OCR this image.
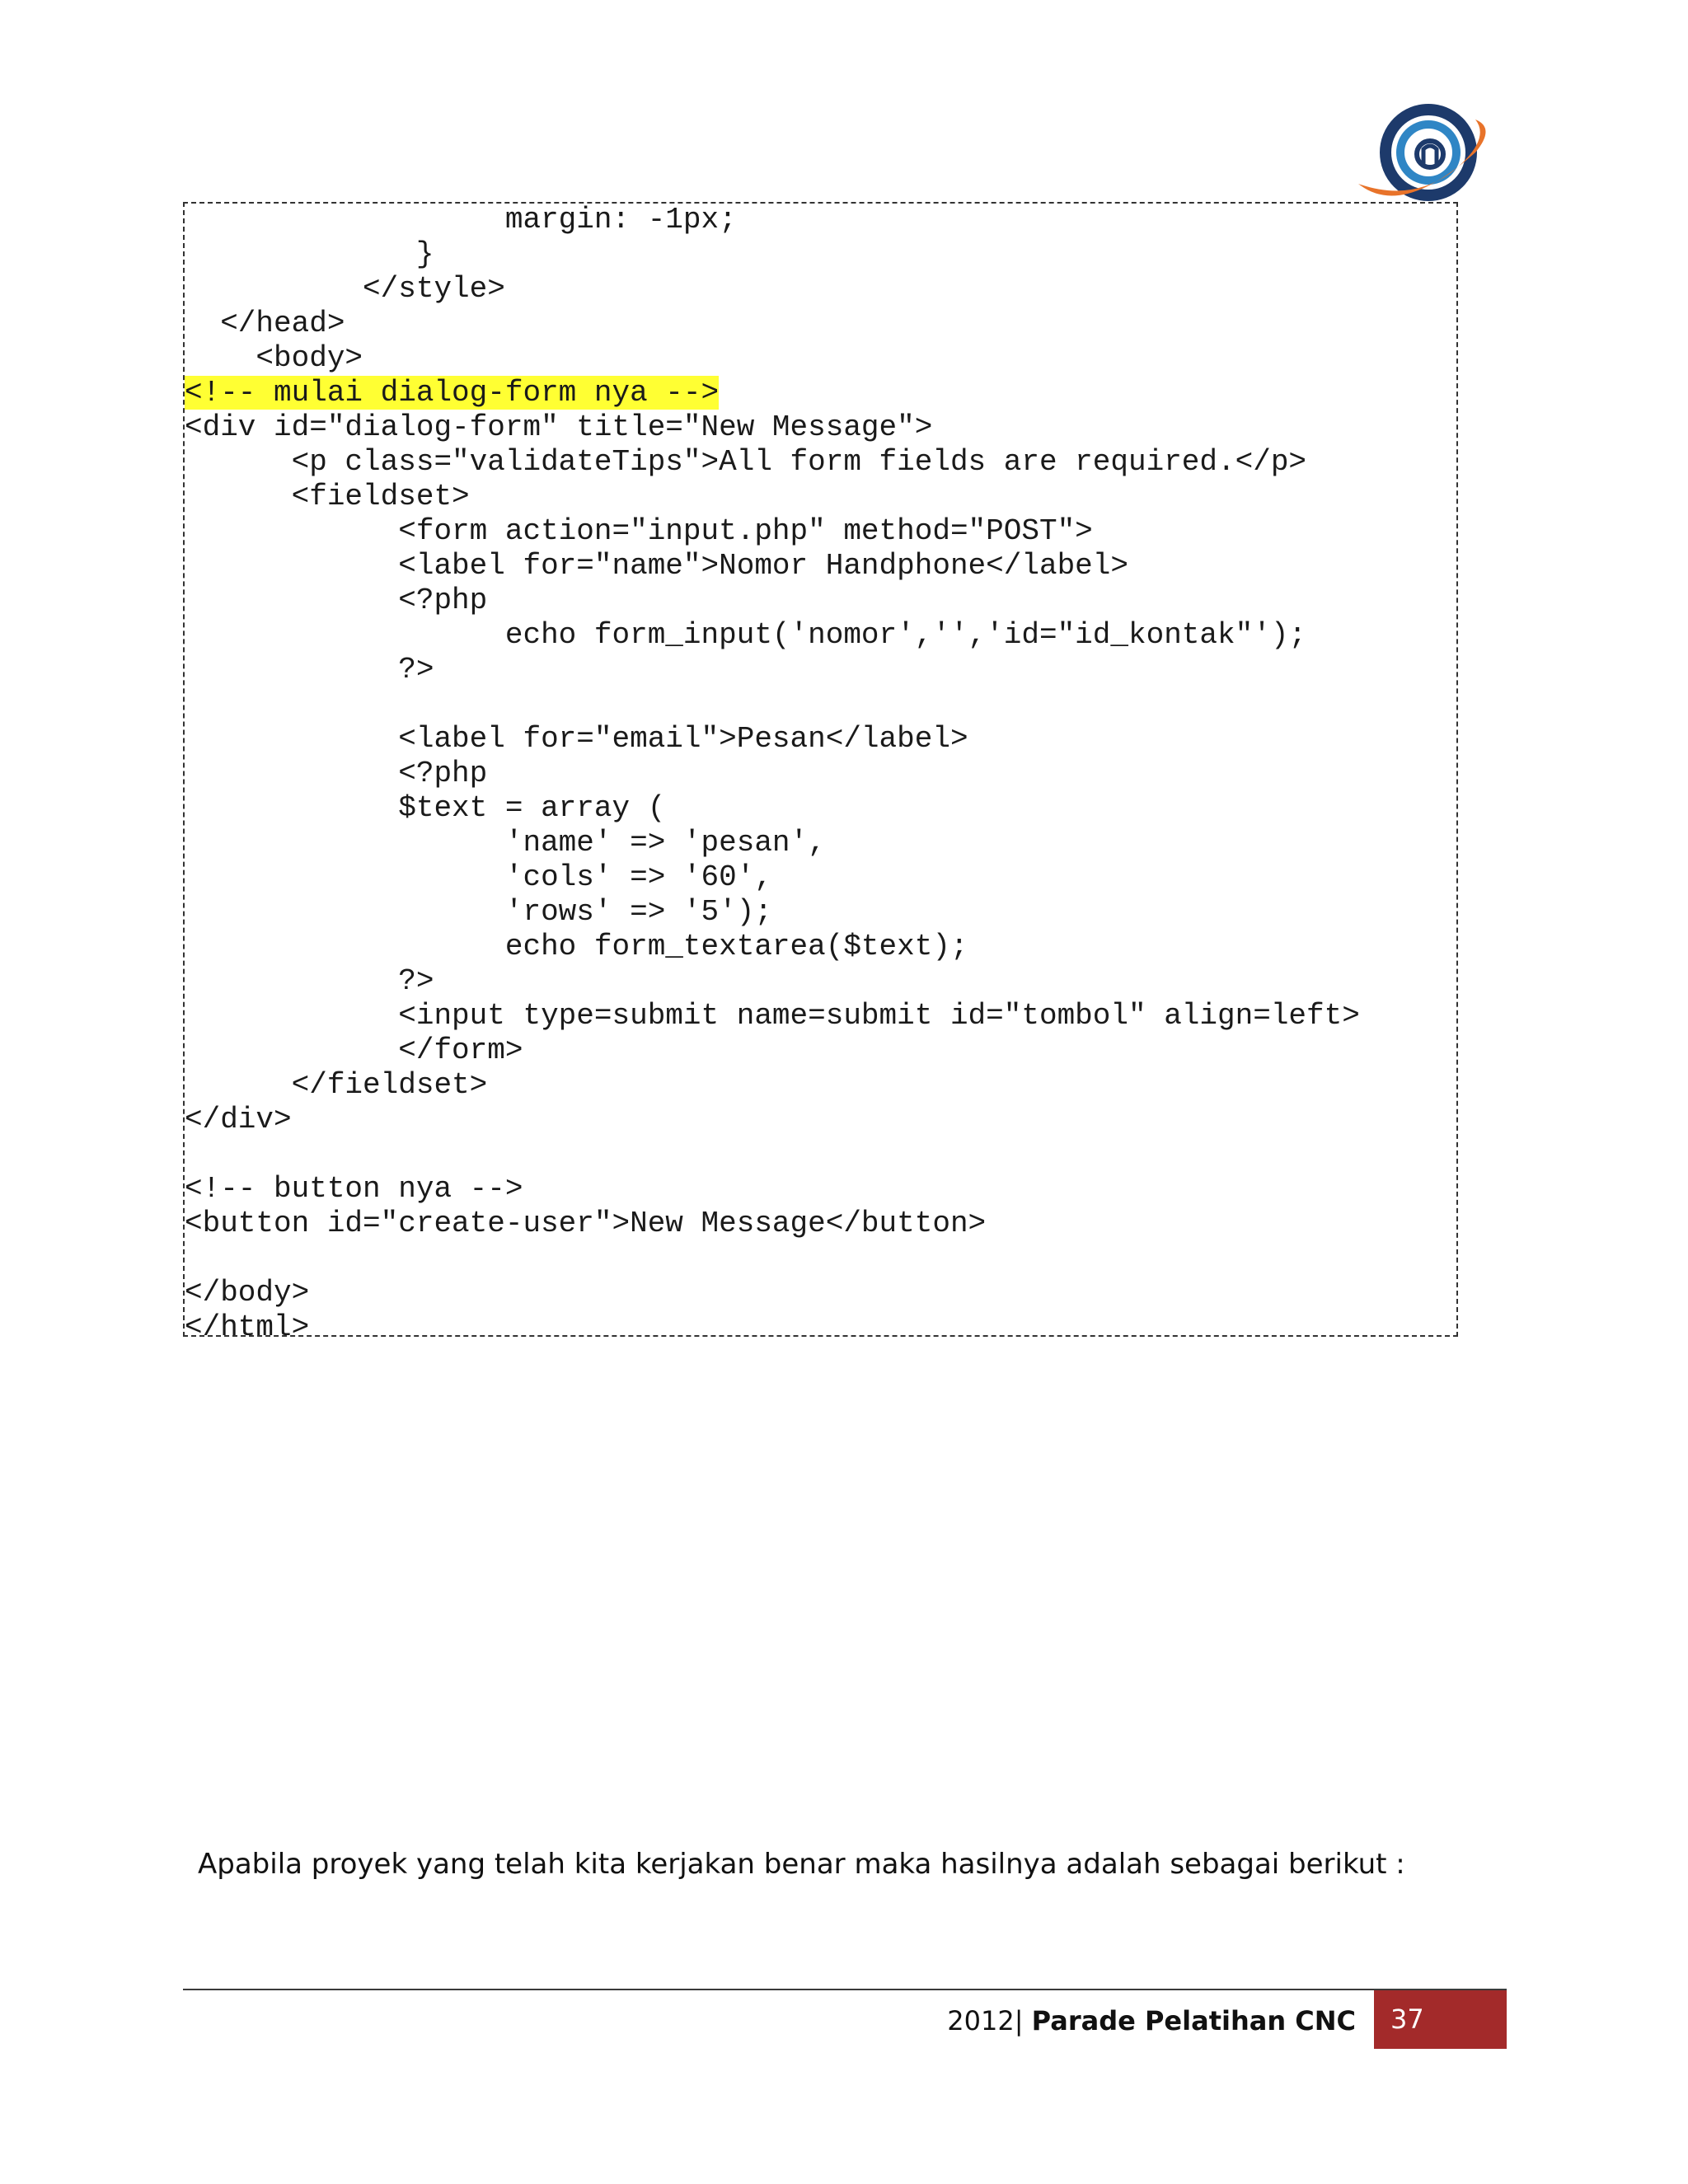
margin: -1px;
}
</style>
</head>
<body>
<!-- mulai dialog-form nya -->
<div id="dialog-form" title="New Message">
<p class="validateTips">All form fields are required.</p>
<fieldset>
<form action="input.php" method="POST">
<label for="name">Nomor Handphone</label>
<?php
echo form_input('nomor','','id="id_kontak"');
?>
<label for="email">Pesan</label>
<?php
$text = array (
'name' => 'pesan',
'cols' => '60',
'rows' => '5');
echo form_textarea($text);
?>
<input type=submit name=submit id="tombol" align=left>
</form>
</fieldset>
</div>
<!-- button nya -->
<button id="create-user">New Message</button>
</body>
</html>
Apabila proyek yang telah kita kerjakan benar maka hasilnya adalah sebagai berikut :
2012| Parade Pelatihan CNC 37
